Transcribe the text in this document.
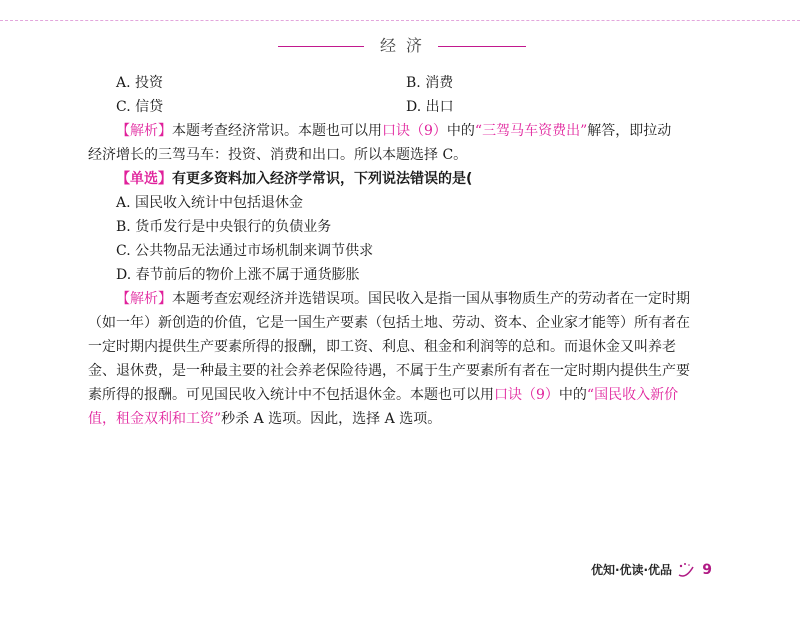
经济
A. 投资	B. 消费
C. 信贷	D. 出口
【解析】本题考查经济常识。本题也可以用口诀（9）中的“三驾马车资费出”解答，即拉动
经济增长的三驾马车：投资、消费和出口。所以本题选择 C。
【单选】有更多资料加入经济学常识，下列说法错误的是(
A. 国民收入统计中包括退休金
B. 货币发行是中央银行的负债业务
C. 公共物品无法通过市场机制来调节供求
D. 春节前后的物价上涨不属于通货膨胀
【解析】本题考查宏观经济并选错误项。国民收入是指一国从事物质生产的劳动者在一定时期
（如一年）新创造的价值，它是一国生产要素（包括土地、劳动、资本、企业家才能等）所有者在
一定时期内提供生产要素所得的报酬，即工资、利息、租金和利润等的总和。而退休金又叫养老
金、退休费，是一种最主要的社会养老保险待遇，不属于生产要素所有者在一定时期内提供生产要
素所得的报酬。可见国民收入统计中不包括退休金。本题也可以用口诀（9）中的“国民收入新价
值，租金双利和工资”秒杀 A 选项。因此，选择 A 选项。
优知·优读·优品 9
